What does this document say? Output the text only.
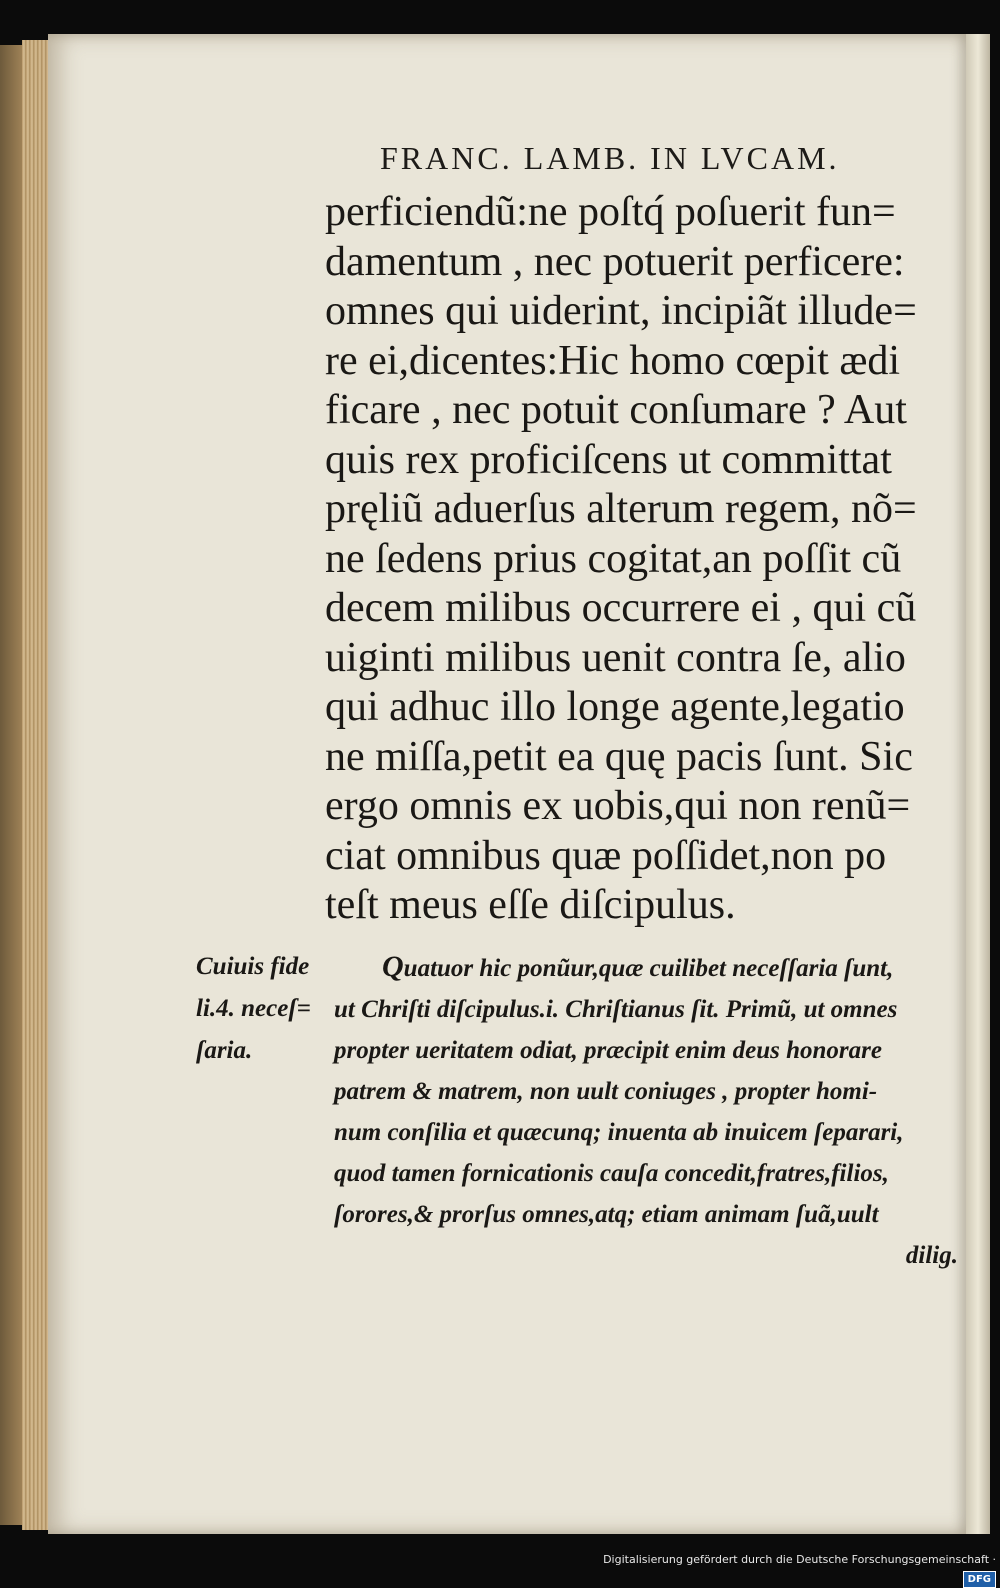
FRANC. LAMB. IN LVCAM.
perficiendũ:ne poſtq́ poſuerit fun=
damentum , nec potuerit perficere:
omnes qui uiderint, incipiãt illude=
re ei,dicentes:Hic homo cœpit ædi
ficare , nec potuit conſumare ? Aut
quis rex proficiſcens ut committat
pręliũ aduerſus alterum regem, nõ=
ne ſedens prius cogitat,an poſſit cũ
decem milibus occurrere ei , qui cũ
uiginti milibus uenit contra ſe, alio
qui adhuc illo longe agente,legatio
ne miſſa,petit ea quę pacis ſunt. Sic
ergo omnis ex uobis,qui non renũ=
ciat omnibus quæ poſſidet,non po
teſt meus eſſe diſcipulus.
Cuiuis fide
li.4. neceſ=
ſaria.
Quatuor hic ponũur,quæ cuilibet neceſſaria ſunt,
ut Chriſti diſcipulus.i. Chriſtianus ſit. Primũ, ut omnes
propter ueritatem odiat, præcipit enim deus honorare
patrem & matrem, non uult coniuges , propter homi-
num conſilia et quæcunq; inuenta ab inuicem ſeparari,
quod tamen fornicationis cauſa concedit,fratres,filios,
ſorores,& prorſus omnes,atq; etiam animam ſuã,uult
dilig.
Digitalisierung gefördert durch die Deutsche Forschungsgemeinschaft ·DFG
